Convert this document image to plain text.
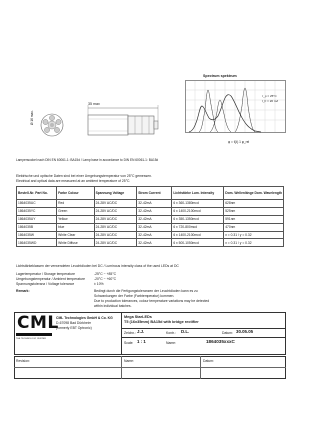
35 max
Ø 16 max.
Spectrum spektrum
τ_p = 25°C
I_F = 20 mA
φ = f(λ) 1 φ_rel
Lampensockel nach DIN EN 60061-1: BA15d / Lamp base in accordance to DIN EN 60061-1: BA15d
Elektrische und optische Daten sind bei einer Umgebungstemperatur von 25°C gemessen.
Electrical and optical data are measured at an ambient temperature of 25°C.
Bestell-Nr. Part No.	Farbe Colour	Spannung Voltage	Strom Current	Lichtstärke Lum. Intensity	Dom. Wellenlänge Dom. Wavelength
1864035UC	Red	24-28V AC/DC	32-42mA	6 x 360-1380mcd	628nm
1864035YC	Green	24-28V AC/DC	32-42mA	6 x 1400-2100mcd	525nm
1864035UY	Yellow	24-28V AC/DC	32-42mA	6 x 350-1350mcd	591nm
1864035B	blue	24-28V AC/DC	32-42mA	6 x 720-800mcd	470nm
1864035W	White Clear	24-28V AC/DC	32-42mA	6 x 1400-2100mcd	x = 0.31 / y = 0.32
1864035WD	White Diffuse	24-28V AC/DC	32-42mA	6 x 500-1050mcd	x = 0.31 / y = 0.32
Lichtstärkeklassen der verwendeten Leuchtdioden bei DC / Luminous intensity class of the used LEDs at DC
Lagertemperatur / Storage temperature	-25°C ~ +85°C
Umgebungstemperatur / Ambient temperature	-20°C ~ +60°C
Spannungstoleranz / Voltage tolerance	± 10%
Remark:	Bedingt durch die Fertigungstoleranzen der Leuchtdioden kann es zu
Schwankungen der Farbe (Farbtemperatur) kommen.
Due to production tolerances, colour temperature variations may be detected
within individual batches.
CML
THE TECHNOLOGY CENTER
CML Technologies GmbH & Co. KG
D-67098 Bad Dürkheim
(formerly EBT Optronic)
Mega StarLEDs
T5 (16x35mm) BA15d with bridge rectifier
Zeichn.: J.J.	Kontr.: D.L.	Datum: 30.05.05
Scale: 1 : 1	Name:	1864035xxxC
Revision:	Name:	Datum:
